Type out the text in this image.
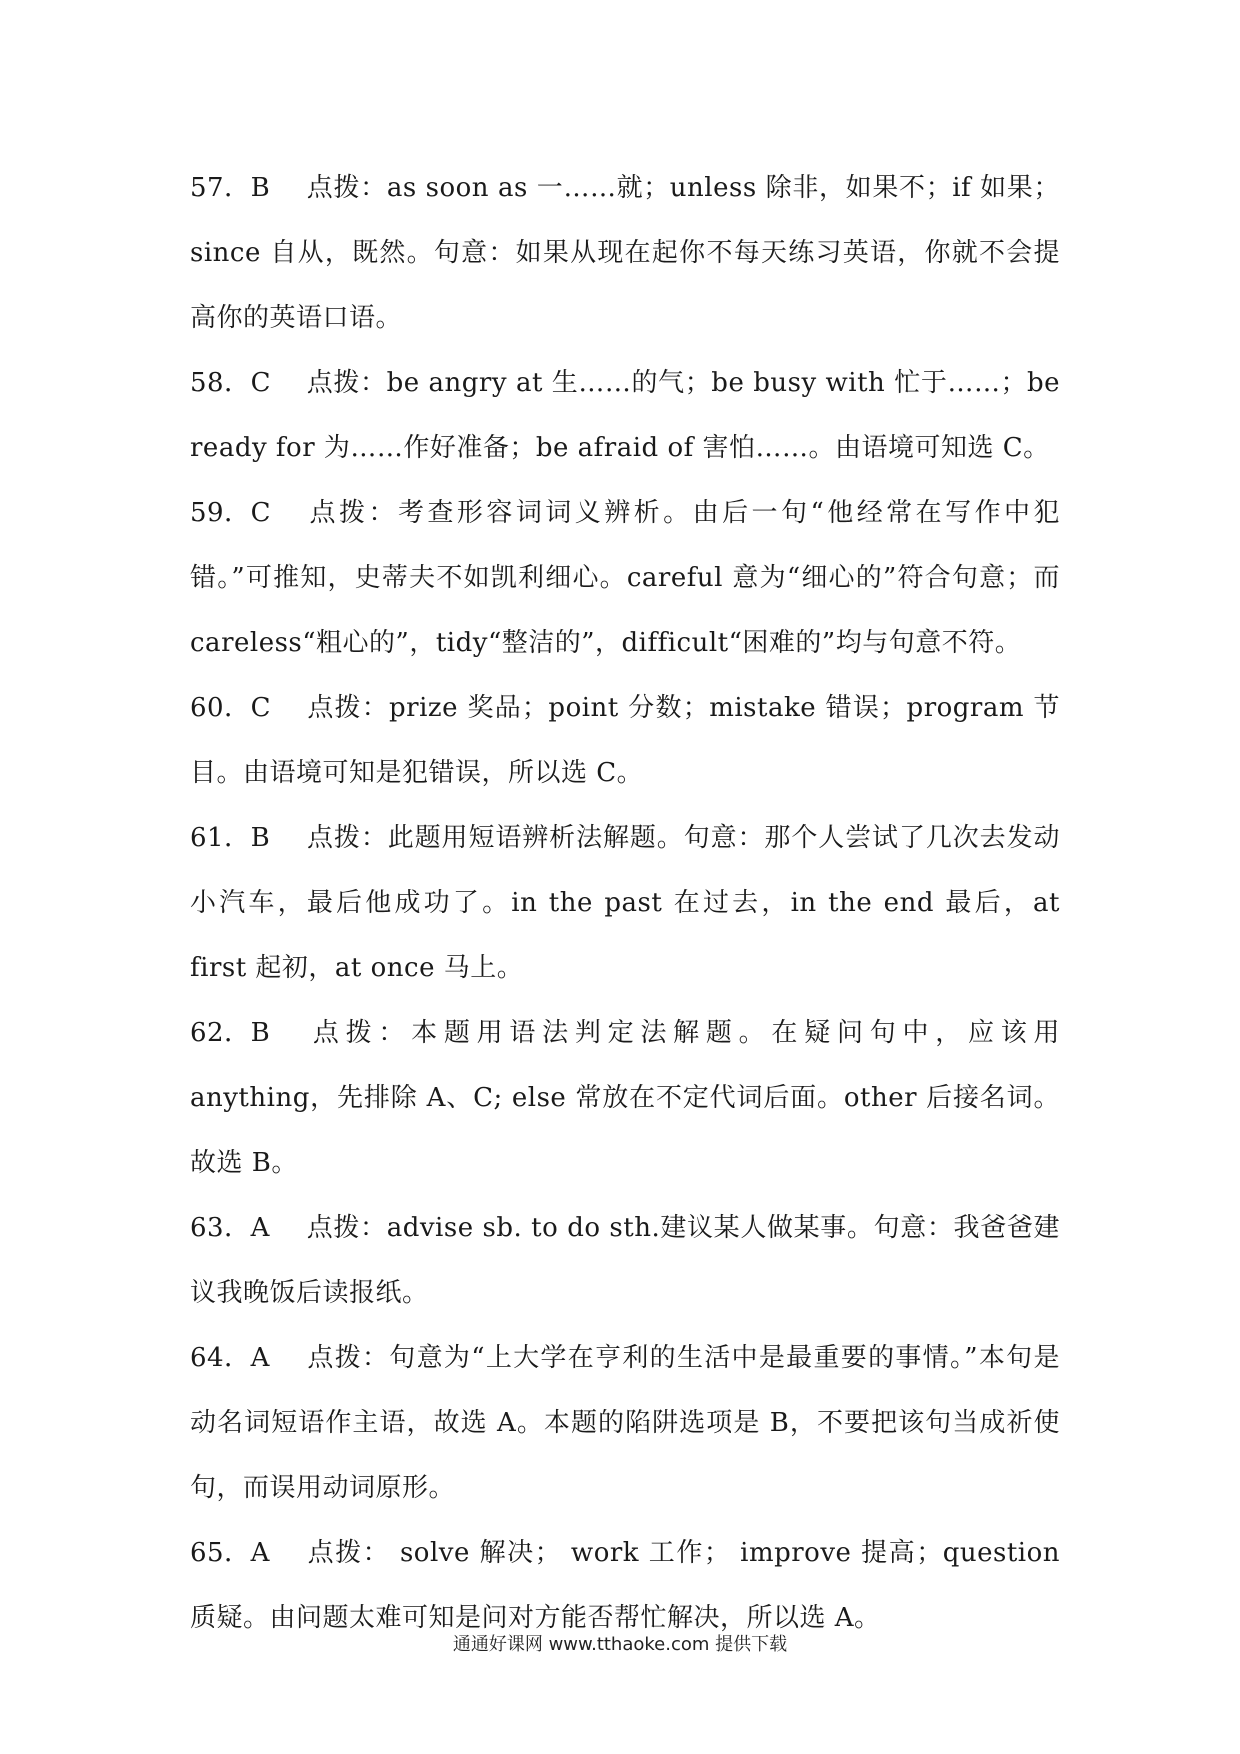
57．B 点拨：as soon as 一……就；unless 除非，如果不；if 如果；since 自从，既然。句意：如果从现在起你不每天练习英语，你就不会提高你的英语口语。

58．C 点拨：be angry at 生……的气；be busy with 忙于……；be ready for 为……作好准备；be afraid of 害怕……。由语境可知选 C。

59．C 点拨：考查形容词词义辨析。由后一句“他经常在写作中犯错。”可推知，史蒂夫不如凯利细心。careful 意为“细心的”符合句意；而 careless“粗心的”，tidy“整洁的”，difficult“困难的”均与句意不符。

60．C 点拨：prize 奖品；point 分数；mistake 错误；program 节目。由语境可知是犯错误，所以选 C。

61．B 点拨：此题用短语辨析法解题。句意：那个人尝试了几次去发动小汽车，最后他成功了。in the past 在过去，in the end 最后，at first 起初，at once 马上。

62．B 点拨：本题用语法判定法解题。在疑问句中，应该用 anything，先排除 A、C; else 常放在不定代词后面。other 后接名词。故选 B。

63．A 点拨：advise sb. to do sth.建议某人做某事。句意：我爸爸建议我晚饭后读报纸。

64．A 点拨：句意为“上大学在亨利的生活中是最重要的事情。”本句是动名词短语作主语，故选 A。本题的陷阱选项是 B，不要把该句当成祈使句，而误用动词原形。

65．A 点拨： solve 解决； work 工作； improve 提高；question 质疑。由问题太难可知是问对方能否帮忙解决，所以选 A。

通通好课网 www.tthaoke.com 提供下载
